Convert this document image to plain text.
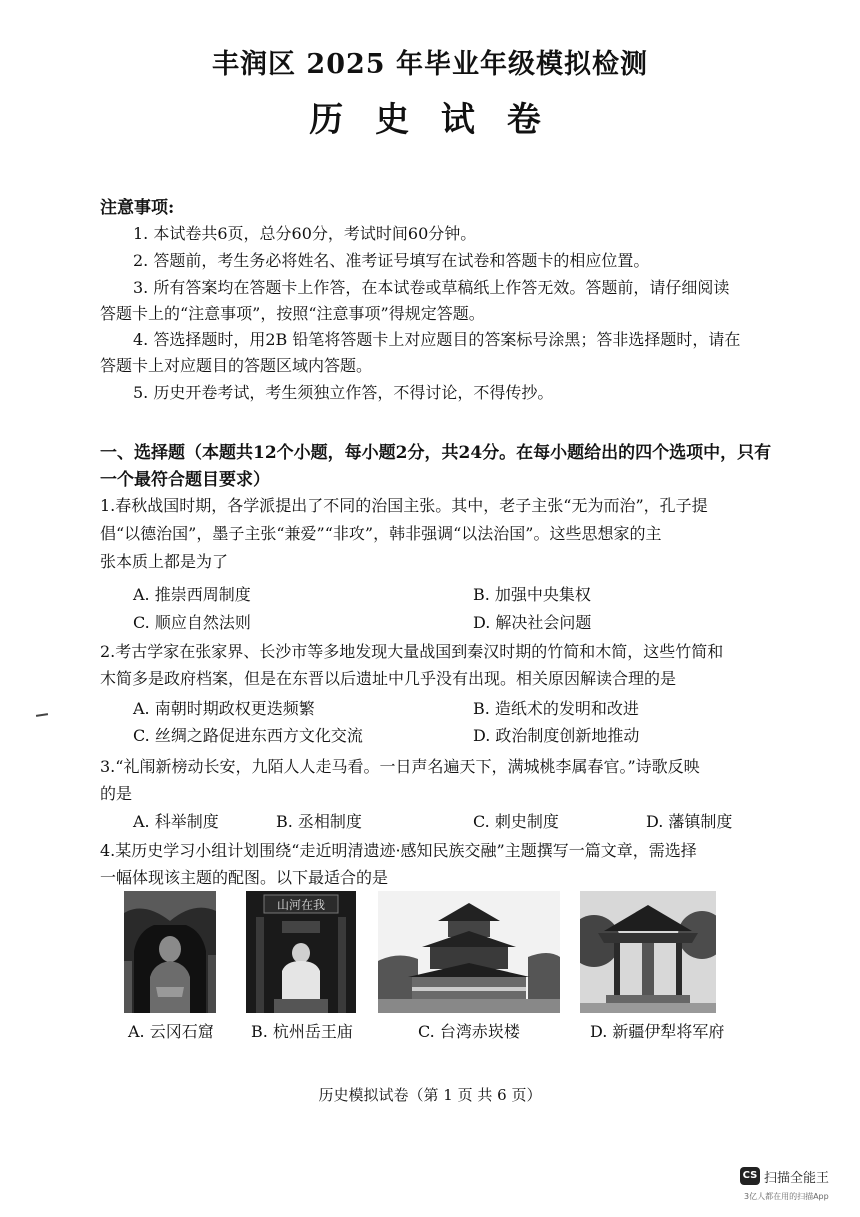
丰润区 2025 年毕业年级模拟检测
历 史 试 卷
注意事项:
1. 本试卷共6页，总分60分，考试时间60分钟。
2. 答题前，考生务必将姓名、准考证号填写在试卷和答题卡的相应位置。
3. 所有答案均在答题卡上作答，在本试卷或草稿纸上作答无效。答题前，请仔细阅读
答题卡上的“注意事项”，按照“注意事项”得规定答题。
4. 答选择题时，用2B 铅笔将答题卡上对应题目的答案标号涂黑；答非选择题时，请在
答题卡上对应题目的答题区域内答题。
5. 历史开卷考试，考生须独立作答，不得讨论，不得传抄。
一、选择题（本题共12个小题，每小题2分，共24分。在每小题给出的四个选项中，只有
一个最符合题目要求）
1.春秋战国时期，各学派提出了不同的治国主张。其中，老子主张“无为而治”，孔子提
倡“以德治国”，墨子主张“兼爱”“非攻”，韩非强调“以法治国”。这些思想家的主
张本质上都是为了
A. 推崇西周制度	B. 加强中央集权
C. 顺应自然法则	D. 解决社会问题
2.考古学家在张家界、长沙市等多地发现大量战国到秦汉时期的竹简和木简，这些竹简和
木简多是政府档案，但是在东晋以后遗址中几乎没有出现。相关原因解读合理的是
A. 南朝时期政权更迭频繁	B. 造纸术的发明和改进
C. 丝绸之路促进东西方文化交流	D. 政治制度创新地推动
3.“礼闱新榜动长安，九陌人人走马看。一日声名遍天下，满城桃李属春官。”诗歌反映
的是
A. 科举制度	B. 丞相制度	C. 刺史制度	D. 藩镇制度
4.某历史学习小组计划围绕“走近明清遗迹·感知民族交融”主题撰写一篇文章，需选择
一幅体现该主题的配图。以下最适合的是
A. 云冈石窟
山河在我
B. 杭州岳王庙	C. 台湾赤崁楼	D. 新疆伊犁将军府
历史模拟试卷（第 1 页 共 6 页）
CS 扫描全能王
3亿人都在用的扫描App
